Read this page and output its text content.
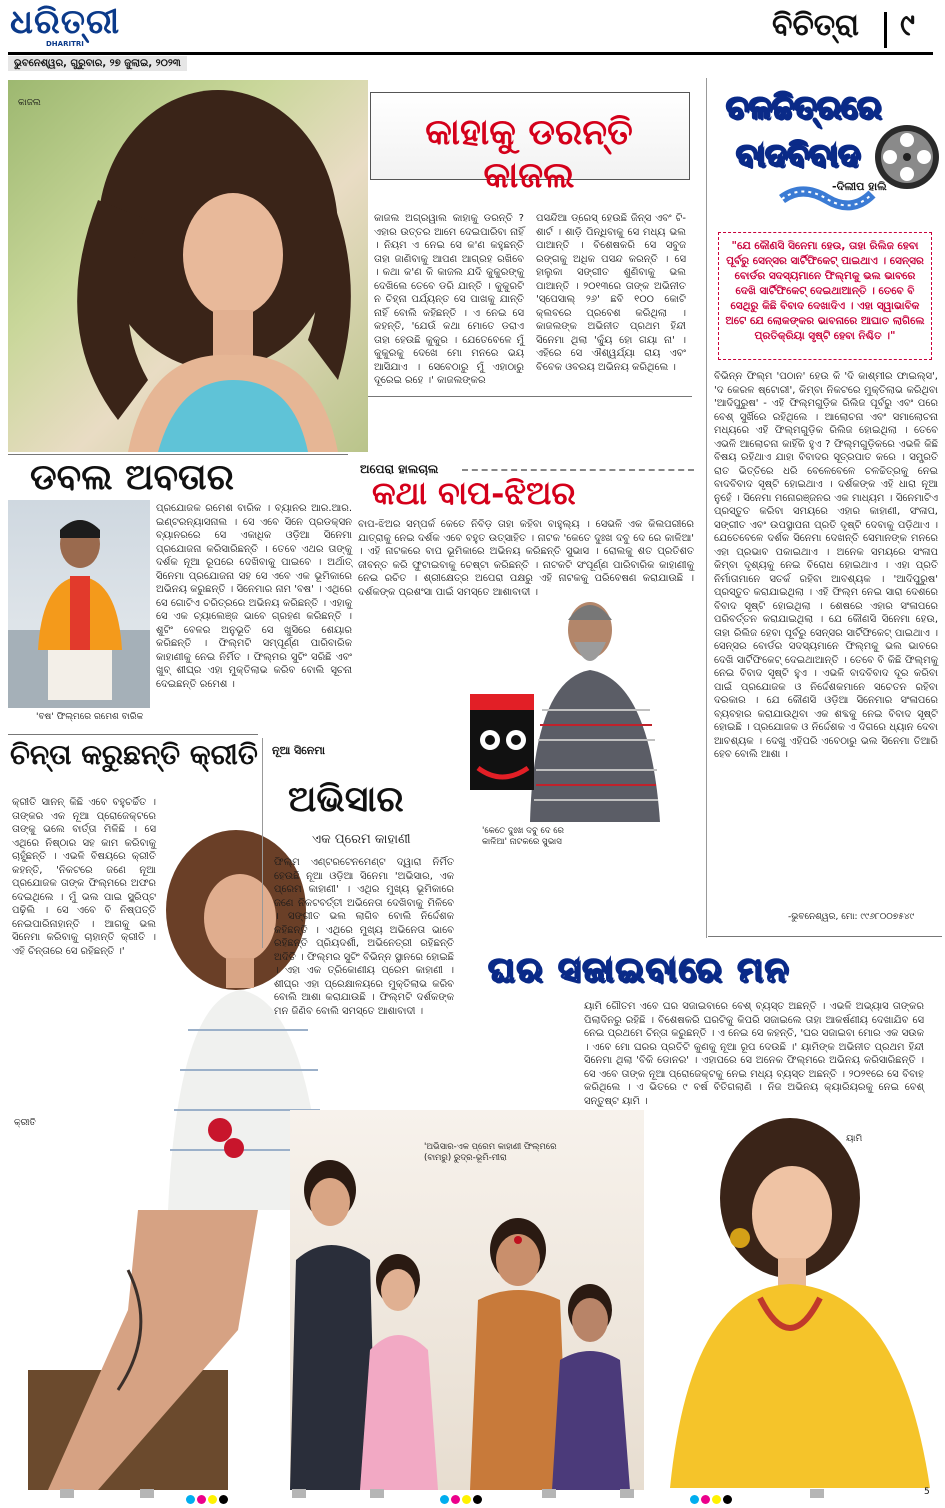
ଧରିତ୍ରୀ
DHARITRI
ଭୁବନେଶ୍ୱର, ଗୁରୁବାର, ୨୭ ଜୁଲାଇ, ୨୦୨୩
ବିଚିତ୍ରା ୯
କାଜଲ
କାହାକୁ ଡରନ୍ତି କାଜଲ
କାଜଲ ଅଗ୍ରୱାଲ କାହାକୁ ଡରନ୍ତି ? ଏହାର ଉତ୍ତର ଆମେ ଦେଇପାରିବା ନାହିଁ । ନିୟମ ଏ ନେଇ ସେ କ'ଣ କହୁଛନ୍ତି ତାହା ଜାଣିବାକୁ ଆପଣ ଆଗ୍ରହ ରଖିବେ । କଥା କ'ଣ କି କାଜଲ ଯଦି କୁକୁରଙ୍କୁ ଦେଖିଲେ ତେବେ ଡରି ଯାନ୍ତି । କୁକୁରଟି ନ ଚିହ୍ନା ପର୍ଯ୍ୟନ୍ତ ସେ ପାଖକୁ ଯାନ୍ତି ନାହିଁ ବୋଲି କହିଛନ୍ତି । ଏ ନେଇ ସେ କହନ୍ତି, 'ଯେଉଁ କଥା ମୋତେ ଡରାଏ ତାହା ହେଉଛି କୁକୁର । ଯେତେବେଳେ ମୁଁ କୁକୁରକୁ ଦେଖେ ମୋ ମନରେ ଭୟ ଆସିଯାଏ । ସେବେଠାରୁ ମୁଁ ଏହାଠାରୁ ଦୂରେଇ ରହେ ।' କାଜଲଙ୍କର
ପସନ୍ଦିଆ ଡ୍ରେସ୍ ହେଉଛି ଜିନ୍ସ ଏବଂ ଟି-ଶାର୍ଟ । ଶାଡ଼ି ପିନ୍ଧିବାକୁ ସେ ମଧ୍ୟ ଭଲ ପାଆନ୍ତି । ବିଶେଷକରି ସେ ସବୁଜ ରଙ୍ଗକୁ ଅଧିକ ପସନ୍ଦ କରନ୍ତି । ସେ ହାଲୁକା ସଙ୍ଗୀତ ଶୁଣିବାକୁ ଭଲ ପାଆନ୍ତି । ୨୦୧୩ରେ ତାଙ୍କ ଅଭିନୀତ 'ସ୍ପେସାଲ୍ ୨୬' ଛବି ୧୦୦ କୋଟି କ୍ଲବରେ ପ୍ରବେଶ କରିଥିଲା । କାଜଲଙ୍କ ଅଭିନୀତ ପ୍ରଥମ ହିନ୍ଦୀ ସିନେମା ଥିଲା 'କ୍ୟୁଁ ହୋ ଗୟା ନା' । ଏହିରେ ସେ ଐଶ୍ୱର୍ଯ୍ୟା ରାୟ ଏବଂ ବିବେକ ଓବରୟ ଅଭିନୟ କରିଥିଲେ ।
ଚଳଚ୍ଚିତ୍ରରେ
ବାଦବିବାଦ
-ଦିଲୀପ ହାଲି
"ଯେ କୌଣସି ସିନେମା ହେଉ, ତାହା ରିଲିଜ ହେବା ପୂର୍ବରୁ ସେନ୍ସର ସାର୍ଟିଫିକେଟ୍ ପାଇଥାଏ । ସେନ୍ସର ବୋର୍ଡର ସଦସ୍ୟମାନେ ଫିଲ୍ମକୁ ଭଲ ଭାବରେ ଦେଖି ସାର୍ଟିଫିକେଟ୍ ଦେଇଥାଆନ୍ତି । ତେବେ ବି ସେଥିରୁ କିଛି ବିବାଦ ଦେଖାଦିଏ । ଏହା ସ୍ୱାଭାବିକ ଅଟେ ଯେ ଲୋକଙ୍କର ଭାବନାରେ ଆଘାତ ଲାଗିଲେ ପ୍ରତିକ୍ରିୟା ସୃଷ୍ଟି ହେବା ନିଶ୍ଚିତ ।"
ବିଭିନ୍ନ ଫିଲ୍ମ 'ପଠାନ' ହେଉ କି 'ଦି କାଶ୍ମୀର ଫାଇଲ୍ସ', 'ଦ କେରଳ ଷ୍ଟୋରୀ', କିମ୍ବା ନିକଟରେ ମୁକ୍ତିଲାଭ କରିଥିବା 'ଆଦିପୁରୁଷ' - ଏହି ଫିଲ୍ମଗୁଡ଼ିକ ରିଲିଜ ପୂର୍ବରୁ ଏବଂ ପରେ ବେଶ୍ ସୁର୍ଖିରେ ରହିଥିଲେ । ଆଲୋଚନା ଏବଂ ସମାଲୋଚନା ମଧ୍ୟରେ ଏହି ଫିଲ୍ମଗୁଡ଼ିକ ରିଲିଜ ହୋଇଥିଲା । ତେବେ ଏଭଳି ଆଲୋଚନା କାହିଁକି ହୁଏ ? ଫିଲ୍ମଗୁଡ଼ିକରେ ଏଭଳି କିଛି ବିଷୟ ରହିଥାଏ ଯାହା ବିବାଦର ସୂତ୍ରପାତ କରେ । ସମ୍ପ୍ରତି ରାତ ଭିତ୍ତିରେ ଧରି ବେଳେବେଳେ ଚଳଚ୍ଚିତ୍ରକୁ ନେଇ ବାଦବିବାଦ ସୃଷ୍ଟି ହୋଇଥାଏ । ଦର୍ଶକଙ୍କ ଏହି ଧାରା ନୂଆ ନୁହେଁ । ସିନେମା ମନୋରଞ୍ଜନର ଏକ ମାଧ୍ୟମ । ସିନେମାଟିଏ ପ୍ରସ୍ତୁତ କରିବା ସମୟରେ ଏହାର କାହାଣୀ, ସଂଳାପ, ସଙ୍ଗୀତ ଏବଂ ଉପସ୍ଥାପନା ପ୍ରତି ଦୃଷ୍ଟି ଦେବାକୁ ପଡ଼ିଥାଏ । ଯେତେବେଳେ ଦର୍ଶକ ସିନେମା ଦେଖନ୍ତି ସେମାନଙ୍କ ମନରେ ଏହା ପ୍ରଭାବ ପକାଇଥାଏ । ଅନେକ ସମୟରେ ସଂଳାପ କିମ୍ବା ଦୃଶ୍ୟକୁ ନେଇ ବିରୋଧ ହୋଇଥାଏ । ଏହା ପ୍ରତି ନିର୍ମାତାମାନେ ସତର୍କ ରହିବା ଆବଶ୍ୟକ । 'ଆଦିପୁରୁଷ' ପ୍ରସ୍ତୁତ କରାଯାଇଥିଲା । ଏହି ଫିଲ୍ମ ନେଇ ସାରା ଦେଶରେ ବିବାଦ ସୃଷ୍ଟି ହୋଇଥିଲା । ଶେଷରେ ଏହାର ସଂଳାପରେ ପରିବର୍ତ୍ତନ କରାଯାଇଥିଲା । ଯେ କୌଣସି ସିନେମା ହେଉ, ତାହା ରିଲିଜ ହେବା ପୂର୍ବରୁ ସେନ୍ସର ସାର୍ଟିଫିକେଟ୍ ପାଇଥାଏ । ସେନ୍ସର ବୋର୍ଡର ସଦସ୍ୟମାନେ ଫିଲ୍ମକୁ ଭଲ ଭାବରେ ଦେଖି ସାର୍ଟିଫିକେଟ୍ ଦେଇଥାଆନ୍ତି । ତେବେ ବି କିଛି ଫିଲ୍ମକୁ ନେଇ ବିବାଦ ସୃଷ୍ଟି ହୁଏ । ଏଭଳି ବାଦବିବାଦ ଦୂର କରିବା ପାଇଁ ପ୍ରଯୋଜକ ଓ ନିର୍ଦ୍ଦେଶକମାନେ ସଚେତନ ରହିବା ଦରକାର । ଯେ କୌଣସି ଓଡ଼ିଆ ସିନେମାର ସଂଳାପରେ ବ୍ୟବହାର କରାଯାଉଥିବା ଏକ ଶବ୍ଦକୁ ନେଇ ବିବାଦ ସୃଷ୍ଟି ହୋଇଛି । ପ୍ରଯୋଜକ ଓ ନିର୍ଦ୍ଦେଶକ ଏ ଦିଗରେ ଧ୍ୟାନ ଦେବା ଆବଶ୍ୟକ । ଦେଖୁ ଏହିପରି ଏବେଠାରୁ ଭଲ ସିନେମା ତିଆରି ହେବ ବୋଲି ଆଶା ।
-ଭୁବନେଶ୍ୱର, ମୋ: ୯୯୬୮୦୦୭୫୪୯
ଡବଲ ଅବତାର
'ବଷ' ଫିଲ୍ମରେ ରମେଶ ବାରିକ
ପ୍ରଯୋଜକ ରମେଶ ବାରିକ । ବ୍ୟାନର ଆର.ଆର. ଇଣ୍ଟରନ୍ୟାସନାଲ । ସେ ଏବେ ସିନେ ପ୍ରଡକ୍ସନ ବ୍ୟାନରରେ ସେ ଏକାଧିକ ଓଡ଼ିଆ ସିନେମା ପ୍ରଯୋଜନା କରିସାରିଛନ୍ତି । ତେବେ ଏଥର ତାଙ୍କୁ ଦର୍ଶକ ନୂଆ ରୂପରେ ଦେଖିବାକୁ ପାଇବେ । ଅର୍ଥାତ୍ ସିନେମା ପ୍ରଯୋଜନା ସହ ସେ ଏବେ ଏକ ଭୂମିକାରେ ଅଭିନୟ କରୁଛନ୍ତି । ସିନେମାର ନାମ 'ବଷ' । ଏଥିରେ ସେ ଗୋଟିଏ ଚରିତ୍ରରେ ଅଭିନୟ କରିଛନ୍ତି । ଏହାକୁ ସେ ଏକ ଚ୍ୟାଲେଞ୍ଜ ଭାବେ ଗ୍ରହଣ କରିଛନ୍ତି । ଶୁଟିଂ ବେଳର ଅନୁଭୂତି ସେ ଖୁସିରେ ଶେୟାର କରିଛନ୍ତି । ଫିଲ୍ମଟି ସମ୍ପୂର୍ଣ୍ଣ ପାରିବାରିକ କାହାଣୀକୁ ନେଇ ନିର୍ମିତ । ଫିଲ୍ମର ସୁଟିଂ ସରିଛି ଏବଂ ଖୁବ୍ ଶୀଘ୍ର ଏହା ମୁକ୍ତିଲାଭ କରିବ ବୋଲି ସୂଚନା ଦେଇଛନ୍ତି ରମେଶ ।
ଅପେରା ହାଲଚାଲ
କଥା ବାପ-ଝିଅର
ବାପ-ଝିଅର ସମ୍ପର୍କ କେତେ ନିବିଡ଼ ତାହା କହିବା ବାହୁଲ୍ୟ । ସେଭଳି ଏକ କିଲପରୀରେ ଯାତ୍ରାକୁ ନେଇ ଦର୍ଶକ ଏବେ ବହୁତ ଉତ୍ସାହିତ । ନାଟକ 'କେତେ ଦୁଃଖ ଦବୁ ଦେ ରେ କାଳିଆ' । ଏହି ନାଟକରେ ବାପ ଭୂମିକାରେ ଅଭିନୟ କରିଛନ୍ତି ସୁଭାସ । ରୋଲକୁ ଶତ ପ୍ରତିଶତ ଜୀବନ୍ତ କରି ଫୁଟାଇବାକୁ ଚେଷ୍ଟା କରିଛନ୍ତି । ନାଟକଟି ସଂପୂର୍ଣ୍ଣ ପାରିବାରିକ କାହାଣୀକୁ ନେଇ ରଚିତ । ଶ୍ରୀକ୍ଷେତ୍ର ଅପେରା ପକ୍ଷରୁ ଏହି ନାଟକକୁ ପରିବେଷଣ କରାଯାଉଛି । ଦର୍ଶକଙ୍କ ପ୍ରଶଂସା ପାଇଁ ସମସ୍ତେ ଆଶାବାଦୀ ।
'କେତେ ଦୁଃଖ ଦବୁ ଦେ ରେ କାଳିଆ' ନାଟକରେ ସୁଭାସ
ଚିନ୍ତା କରୁଛନ୍ତି କ୍ରୀତି
କ୍ରୀତି ସାନନ୍ କିଛି ଏବେ ବହୁଚର୍ଚ୍ଚିତ । ତାଙ୍କର ଏକ ନୂଆ ପ୍ରୋଜେକ୍ଟରେ ତାଙ୍କୁ ଭଲେ ବାର୍ତ୍ତା ମିଳିଛି । ସେ ଏଥିରେ ନିଷ୍ଠାର ସହ କାମ କରିବାକୁ ଚାହୁଁଛନ୍ତି । ଏଭଳି ବିଷୟରେ କ୍ରୀତି କହନ୍ତି, 'ନିକଟରେ ଜଣେ ନୂଆ ପ୍ରଯୋଜକ ତାଙ୍କ ଫିଲ୍ମରେ ଅଫର ଦେଇଥିଲେ । ମୁଁ ଭଲ ପାଇ ସ୍କ୍ରିପ୍ଟ ପଢ଼ିଲି । ସେ ଏବେ ବି ନିଷ୍ପତ୍ତି ନେଇପାରିନାହାନ୍ତି । ଆଗକୁ ଭଲ ସିନେମା କରିବାକୁ ଚାହାନ୍ତି କ୍ରୀତି । ଏହି ଚିନ୍ତାରେ ସେ ରହିଛନ୍ତି ।'
କ୍ରୀତି
ନୂଆ ସିନେମା
ଅଭିସାର
ଏକ ପ୍ରେମ କାହାଣୀ
ଫିଲ୍ମ ଏଣ୍ଟରଟେନମେଣ୍ଟ ଦ୍ୱାରା ନିର୍ମିତ ହେଉଛି ନୂଆ ଓଡ଼ିଆ ସିନେମା 'ଅଭିସାର, ଏକ ପ୍ରେମ କାହାଣୀ' । ଏଥିର ମୁଖ୍ୟ ଭୂମିକାରେ ଜଣେ ନିକଟବର୍ତ୍ତୀ ଅଭିନେତା ଦେଖିବାକୁ ମିଳିବେ । ସଙ୍ଗୀତ ଭଲ ଲାଗିବ ବୋଲି ନିର୍ଦ୍ଦେଶକ କହିଛନ୍ତି । ଏଥିରେ ମୁଖ୍ୟ ଅଭିନେତା ଭାବେ ରହିଛନ୍ତି ପ୍ରିୟଦର୍ଶୀ, ଅଭିନେତ୍ରୀ ରହିଛନ୍ତି ଅଦିତି । ଫିଲ୍ମର ସୁଟିଂ ବିଭିନ୍ନ ସ୍ଥାନରେ ହୋଇଛି । ଏହା ଏକ ତ୍ରିକୋଣୀୟ ପ୍ରେମ କାହାଣୀ । ଶୀଘ୍ର ଏହା ପ୍ରେକ୍ଷାଳୟରେ ମୁକ୍ତିଲାଭ କରିବ ବୋଲି ଆଶା କରାଯାଉଛି । ଫିଲ୍ମଟି ଦର୍ଶକଙ୍କ ମନ ଜିଣିବ ବୋଲି ସମସ୍ତେ ଆଶାବାଦୀ ।
ଘର ସଜାଇବାରେ ମନ
ୟାମି ଗୌତମ ଏବେ ଘର ସଜାଇବାରେ ବେଶ୍ ବ୍ୟସ୍ତ ଅଛନ୍ତି । ଏଭଳି ଅଭ୍ୟାସ ତାଙ୍କର ପିଲାଦିନରୁ ରହିଛି । ବିଶେଷକରି ଘରଟିକୁ କିପରି ସଜାଇଲେ ତାହା ଆକର୍ଷଣୀୟ ଦେଖାଯିବ ସେ ନେଇ ପ୍ରଥମେ ଚିନ୍ତା କରୁଛନ୍ତି । ଏ ନେଇ ସେ କହନ୍ତି, 'ଘର ସଜାଇବା ମୋର ଏକ ସଉକ । ଏବେ ମୋ ଘରର ପ୍ରତିଟି କୁଣକୁ ନୂଆ ରୂପ ଦେଉଛି ।' ୟାମିଙ୍କ ଅଭିନୀତ ପ୍ରଥମ ହିନ୍ଦୀ ସିନେମା ଥିଲା 'ବିକି ଡୋନର' । ଏହାପରେ ସେ ଅନେକ ଫିଲ୍ମରେ ଅଭିନୟ କରିସାରିଛନ୍ତି । ସେ ଏବେ ତାଙ୍କ ନୂଆ ପ୍ରୋଜେକ୍ଟକୁ ନେଇ ମଧ୍ୟ ବ୍ୟସ୍ତ ଅଛନ୍ତି । ୨୦୨୧ରେ ସେ ବିବାହ କରିଥିଲେ । ଏ ଭିତରେ ୯ ବର୍ଷ ବିତିଗଲାଣି । ନିଜ ଅଭିନୟ କ୍ୟାରିୟରକୁ ନେଇ ବେଶ୍ ସନ୍ତୁଷ୍ଟ ୟାମି ।
ୟାମି
'ଅଭିସାର-ଏକ ପ୍ରେମ କାହାଣୀ ଫିଲ୍ମରେ (ବାମରୁ) ରୁଦ୍ର-ଭୂମି-ମୀରା
5
